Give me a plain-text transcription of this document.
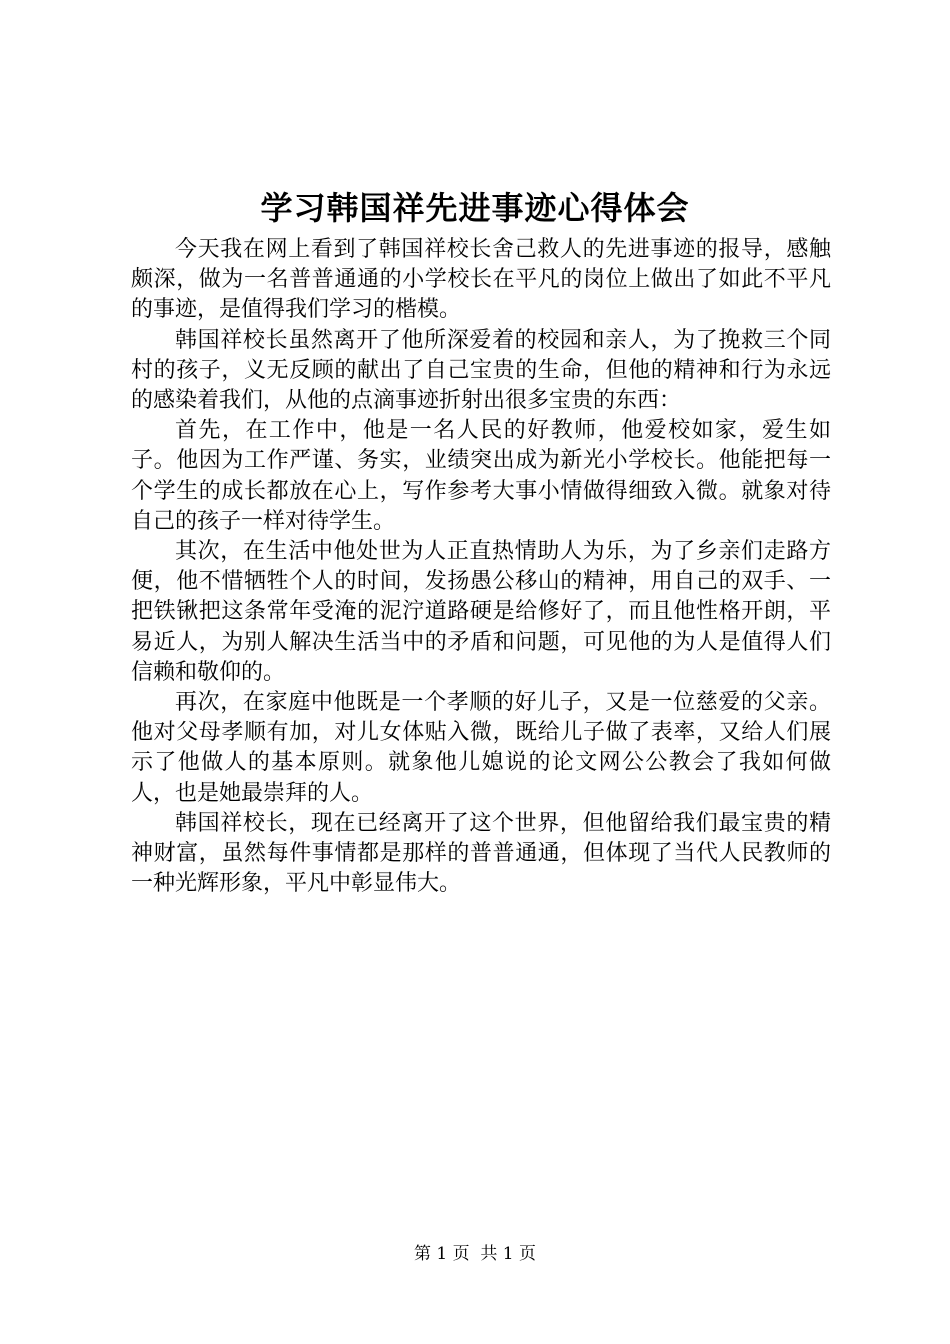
学习韩国祥先进事迹心得体会

今天我在网上看到了韩国祥校长舍己救人的先进事迹的报导，感触颇深，做为一名普普通通的小学校长在平凡的岗位上做出了如此不平凡的事迹，是值得我们学习的楷模。

韩国祥校长虽然离开了他所深爱着的校园和亲人，为了挽救三个同村的孩子，义无反顾的献出了自己宝贵的生命，但他的精神和行为永远的感染着我们，从他的点滴事迹折射出很多宝贵的东西：

首先，在工作中，他是一名人民的好教师，他爱校如家，爱生如子。他因为工作严谨、务实，业绩突出成为新光小学校长。他能把每一个学生的成长都放在心上，写作参考大事小情做得细致入微。就象对待自己的孩子一样对待学生。

其次，在生活中他处世为人正直热情助人为乐，为了乡亲们走路方便，他不惜牺牲个人的时间，发扬愚公移山的精神，用自己的双手、一把铁锹把这条常年受淹的泥泞道路硬是给修好了，而且他性格开朗，平易近人，为别人解决生活当中的矛盾和问题，可见他的为人是值得人们信赖和敬仰的。

再次，在家庭中他既是一个孝顺的好儿子，又是一位慈爱的父亲。他对父母孝顺有加，对儿女体贴入微，既给儿子做了表率，又给人们展示了他做人的基本原则。就象他儿媳说的论文网公公教会了我如何做人，也是她最崇拜的人。

韩国祥校长，现在已经离开了这个世界，但他留给我们最宝贵的精神财富，虽然每件事情都是那样的普普通通，但体现了当代人民教师的一种光辉形象，平凡中彰显伟大。

第 1 页  共 1 页
